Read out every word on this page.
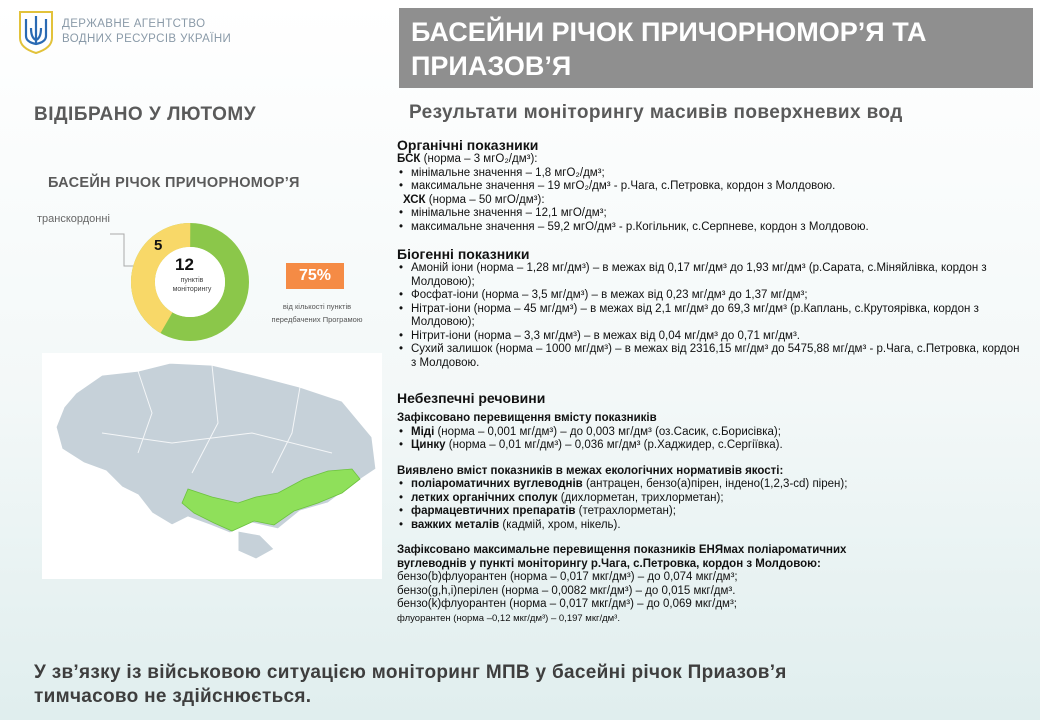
ДЕРЖАВНЕ АГЕНТСТВО
ВОДНИХ РЕСУРСІВ УКРАЇНИ	БАСЕЙНИ РІЧОК ПРИЧОРНОМОР’Я ТА
ПРИАЗОВ’Я
ВІДІБРАНО У ЛЮТОМУ
БАСЕЙН РІЧОК ПРИЧОРНОМОР’Я
транскордонні
5
12
пунктів
моніторингу
75%
від кількості пунктів
передбачених Програмою
Результати моніторингу масивів поверхневих вод
Органічні показники
БСК (норма – 3 мгО₂/дм³):
• мінімальне значення – 1,8 мгО₂/дм³;
• максимальне значення – 19 мгО₂/дм³ - р.Чага, с.Петровка, кордон з Молдовою.
ХСК (норма – 50 мгО/дм³):
• мінімальне значення – 12,1 мгО/дм³;
• максимальне значення – 59,2 мгО/дм³ - р.Когільник, с.Серпневе, кордон з Молдовою.
Біогенні показники
• Амоній іони (норма – 1,28 мг/дм³) – в межах від 0,17 мг/дм³ до 1,93 мг/дм³ (р.Сарата, с.Міняйлівка, кордон з Молдовою);
• Фосфат-іони (норма – 3,5 мг/дм³) – в межах від 0,23 мг/дм³ до 1,37 мг/дм³;
• Нітрат-іони (норма – 45 мг/дм³) – в межах від 2,1 мг/дм³ до 69,3 мг/дм³ (р.Каплань, с.Крутоярівка, кордон з Молдовою);
• Нітрит-іони (норма – 3,3 мг/дм³) – в межах від 0,04 мг/дм³ до 0,71 мг/дм³.
• Сухий залишок (норма – 1000 мг/дм³) – в межах від 2316,15 мг/дм³ до 5475,88 мг/дм³ - р.Чага, с.Петровка, кордон з Молдовою.
Небезпечні речовини
Зафіксовано перевищення вмісту показників
• Міді (норма – 0,001 мг/дм³) – до 0,003 мг/дм³ (оз.Сасик, с.Борисівка);
• Цинку (норма – 0,01 мг/дм³) – 0,036 мг/дм³ (р.Хаджидер, с.Сергіївка).
Виявлено вміст показників в межах екологічних нормативів якості:
• поліароматичних вуглеводнів (антрацен, бензо(а)пірен, індено(1,2,3-cd) пірен);
• летких органічних сполук (дихлорметан, трихлорметан);
• фармацевтичних препаратів (тетрахлорметан);
• важких металів (кадмій, хром, нікель).
Зафіксовано максимальне перевищення показників ЕНЯмах поліароматичних
вуглеводнів у пункті моніторингу р.Чага, с.Петровка, кордон з Молдовою:
бензо(b)флуорантен (норма – 0,017 мкг/дм³) – до 0,074 мкг/дм³;
бензо(g,h,i)перілен (норма – 0,0082 мкг/дм³) – до 0,015 мкг/дм³.
бензо(k)флуорантен (норма – 0,017 мкг/дм³) – до 0,069 мкг/дм³;
флуорантен (норма –0,12 мкг/дм³) – 0,197 мкг/дм³.
У зв’язку із військовою ситуацією моніторинг МПВ у басейні річок Приазов’я
тимчасово не здійснюється.
